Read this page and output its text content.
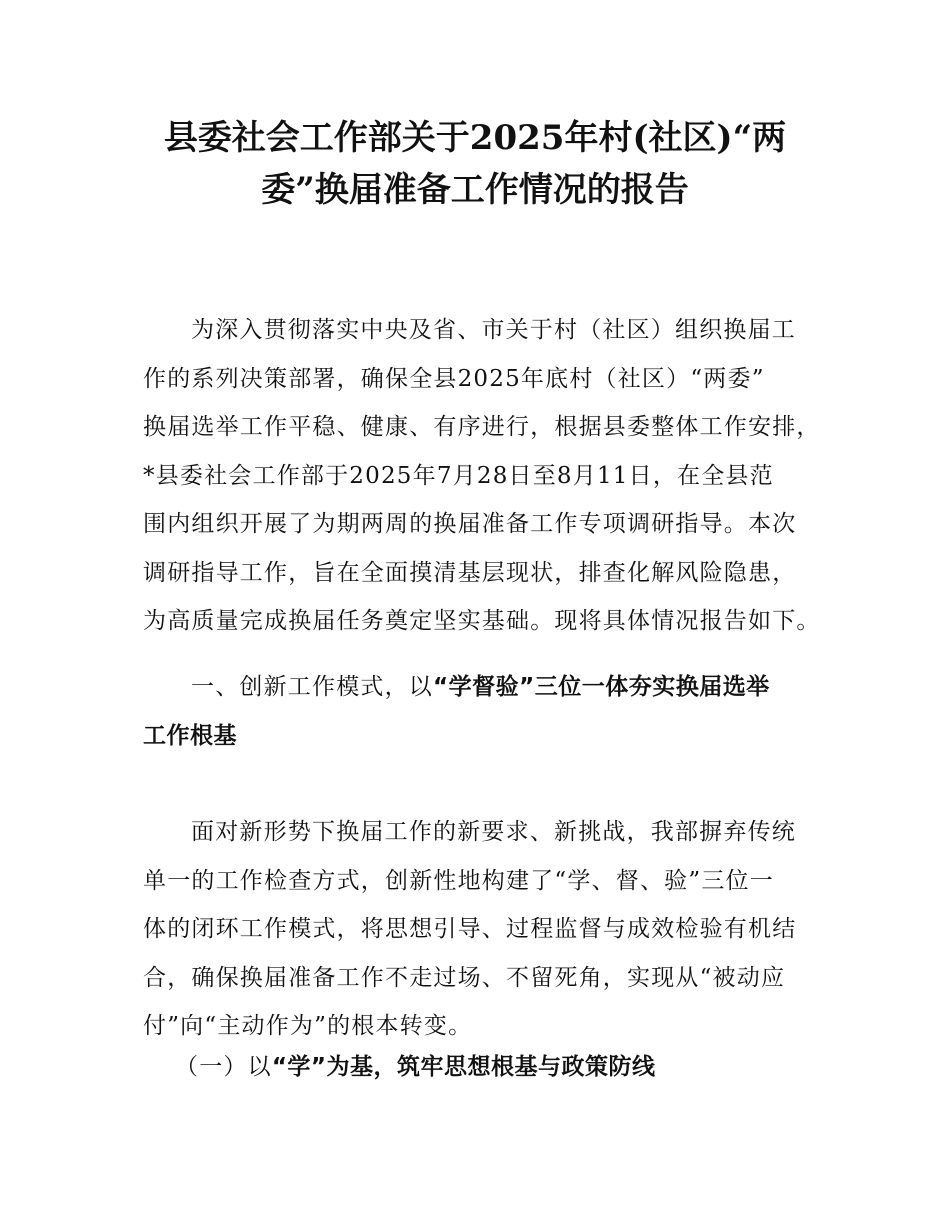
县委社会工作部关于2025年村(社区)“两
委”换届准备工作情况的报告
为深入贯彻落实中央及省、市关于村（社区）组织换届工
作的系列决策部署，确保全县2025年底村（社区）“两委”
换届选举工作平稳、健康、有序进行，根据县委整体工作安排，
*县委社会工作部于2025年7月28日至8月11日，在全县范
围内组织开展了为期两周的换届准备工作专项调研指导。本次
调研指导工作，旨在全面摸清基层现状，排查化解风险隐患，
为高质量完成换届任务奠定坚实基础。现将具体情况报告如下。
一、创新工作模式，以“学督验”三位一体夯实换届选举
工作根基
面对新形势下换届工作的新要求、新挑战，我部摒弃传统
单一的工作检查方式，创新性地构建了“学、督、验”三位一
体的闭环工作模式，将思想引导、过程监督与成效检验有机结
合，确保换届准备工作不走过场、不留死角，实现从“被动应
付”向“主动作为”的根本转变。
（一）以“学”为基，筑牢思想根基与政策防线
